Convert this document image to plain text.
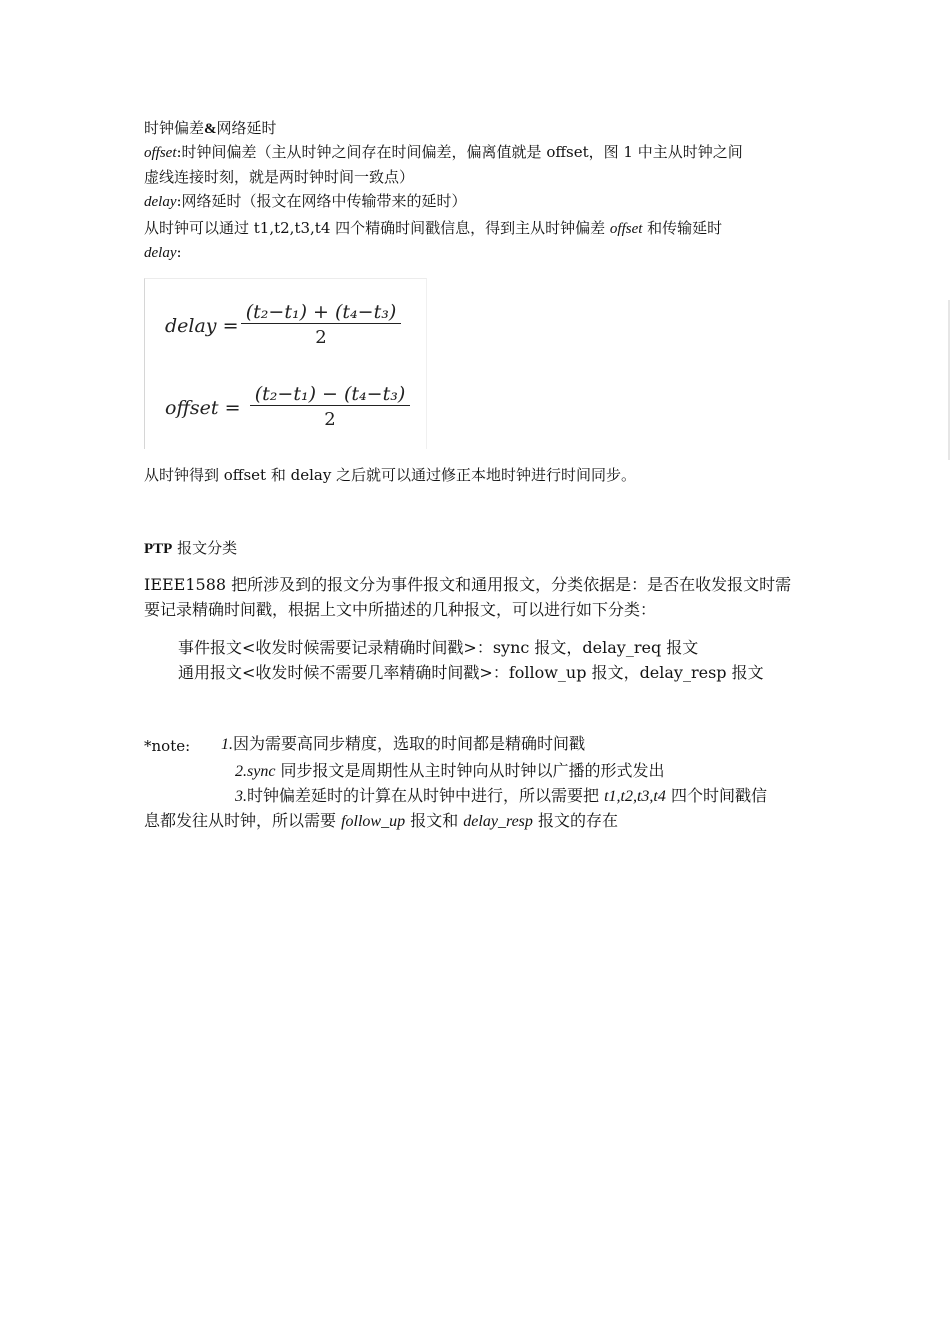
时钟偏差&网络延时
offset:时钟间偏差（主从时钟之间存在时间偏差，偏离值就是 offset，图 1 中主从时钟之间
虚线连接时刻，就是两时钟时间一致点）
delay:网络延时（报文在网络中传输带来的延时）
从时钟可以通过 t1,t2,t3,t4 四个精确时间戳信息，得到主从时钟偏差 offset 和传输延时
delay:
delay = $\frac{\text{(t₂−t₁) + (t₄−t₃)}}{2}$
offset = $\frac{\text{(t₂−t₁) − (t₄−t₃)}}{2}$
从时钟得到 offset 和 delay 之后就可以通过修正本地时钟进行时间同步。
PTP 报文分类
IEEE1588 把所涉及到的报文分为事件报文和通用报文，分类依据是：是否在收发报文时需
要记录精确时间戳，根据上文中所描述的几种报文，可以进行如下分类：
事件报文<收发时候需要记录精确时间戳>：sync 报文，delay_req 报文
通用报文<收发时候不需要几率精确时间戳>：follow_up 报文，delay_resp 报文
*note: 1.因为需要高同步精度，选取的时间都是精确时间戳
2.sync 同步报文是周期性从主时钟向从时钟以广播的形式发出
3.时钟偏差延时的计算在从时钟中进行，所以需要把 t1,t2,t3,t4 四个时间戳信
息都发往从时钟，所以需要 follow_up 报文和 delay_resp 报文的存在
